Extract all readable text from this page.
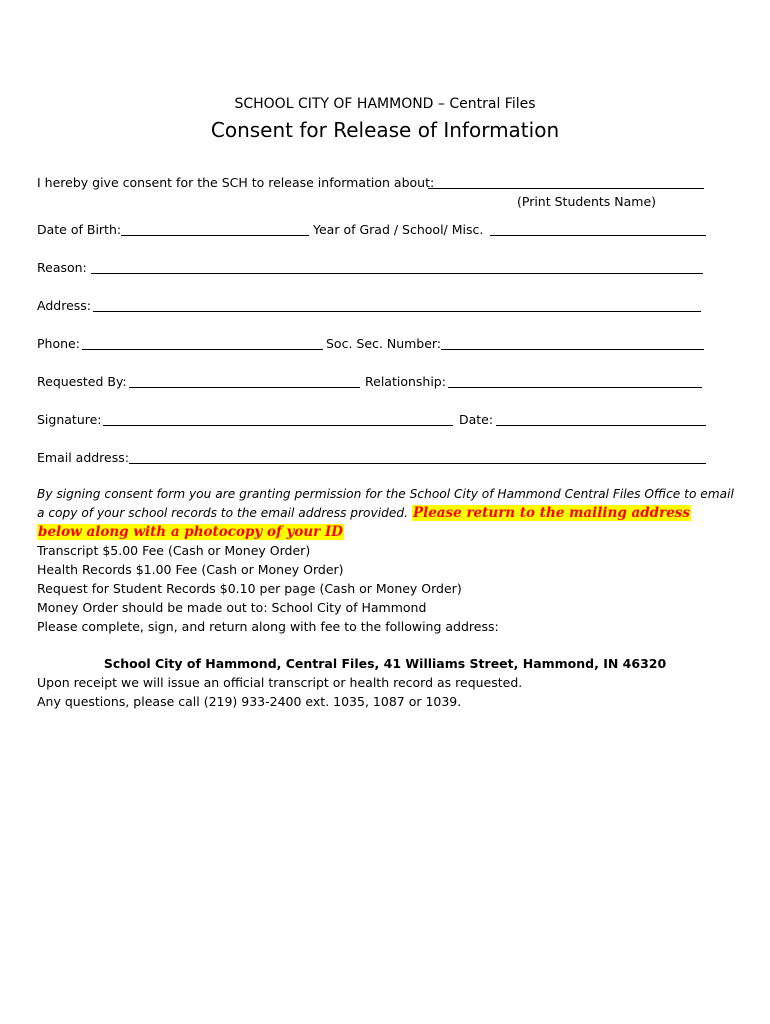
SCHOOL CITY OF HAMMOND – Central Files
Consent for Release of Information
I hereby give consent for the SCH to release information about:
(Print Students Name)
Date of Birth:	Year of Grad / School/ Misc.
Reason:
Address:
Phone:	Soc. Sec. Number:
Requested By:	Relationship:
Signature:	Date:
Email address:
By signing consent form you are granting permission for the School City of Hammond Central Files Office to email
a copy of your school records to the email address provided. Please return to the mailing address
below along with a photocopy of your ID
Transcript $5.00 Fee (Cash or Money Order)
Health Records $1.00 Fee (Cash or Money Order)
Request for Student Records $0.10 per page (Cash or Money Order)
Money Order should be made out to: School City of Hammond
Please complete, sign, and return along with fee to the following address:
School City of Hammond, Central Files, 41 Williams Street, Hammond, IN 46320
Upon receipt we will issue an official transcript or health record as requested.
Any questions, please call (219) 933-2400 ext. 1035, 1087 or 1039.
